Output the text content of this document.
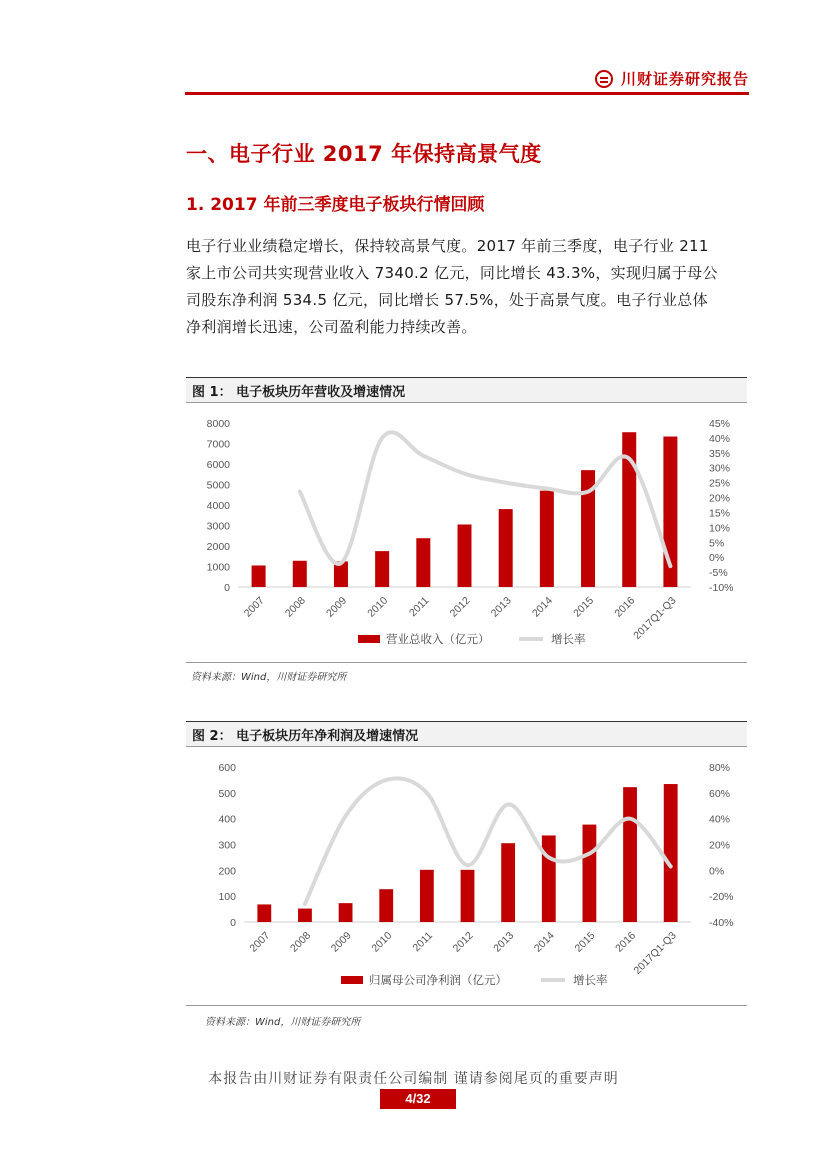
川财证券研究报告
一、电子行业 2017 年保持高景气度
1. 2017 年前三季度电子板块行情回顾

电子行业业绩稳定增长，保持较高景气度。2017 年前三季度，电子行业 211

家上市公司共实现营业收入 7340.2 亿元，同比增长 43.3%，实现归属于母公

司股东净利润 534.5 亿元，同比增长 57.5%，处于高景气度。电子行业总体

净利润增长迅速，公司盈利能力持续改善。

图 1： 电子板块历年营收及增速情况
0
1000
2000
3000
4000
5000
6000
7000
8000
-10%
-5%
0%
5%
10%
15%
20%
25%
30%
35%
40%
45%
2007 2008 2009 2010 2011 2012 2013 2014 2015 2016
2017Q1-Q3
营业总收入（亿元）	增长率
资料来源：Wind，川财证券研究所
图 2： 电子板块历年净利润及增速情况
0
100
200
300
400
500
600
-40%
-20%
0%
20%
40%
60%
80%
2007 2008 2009 2010 2011 2012 2013 2014 2015 2016
2017Q1-Q3
归属母公司净利润（亿元）	增长率
资料来源：Wind，川财证券研究所
本报告由川财证券有限责任公司编制 谨请参阅尾页的重要声明
4/32
